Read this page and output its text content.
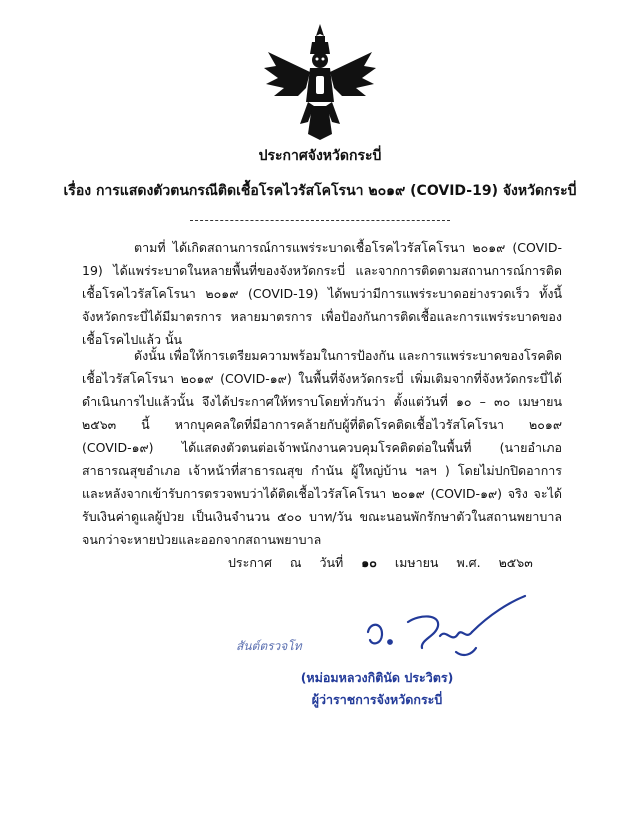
ประกาศจังหวัดกระบี่
เรื่อง การแสดงตัวตนกรณีติดเชื้อโรคไวรัสโคโรนา ๒๐๑๙ (COVID-19) จังหวัดกระบี่

ตามที่ ได้เกิดสถานการณ์การแพร่ระบาดเชื้อโรคไวรัสโคโรนา ๒๐๑๙ (COVID-19) ได้แพร่ระบาดในหลายพื้นที่ของจังหวัดกระบี่ และจากการติดตามสถานการณ์การติดเชื้อโรคไวรัสโคโรนา ๒๐๑๙ (COVID-19) ได้พบว่ามีการแพร่ระบาดอย่างรวดเร็ว ทั้งนี้จังหวัดกระบี่ได้มีมาตรการ หลายมาตรการ เพื่อป้องกันการติดเชื้อและการแพร่ระบาดของเชื้อโรคไปแล้ว นั้น

ดังนั้น เพื่อให้การเตรียมความพร้อมในการป้องกัน และการแพร่ระบาดของโรคติดเชื้อไวรัสโคโรนา ๒๐๑๙ (COVID-๑๙) ในพื้นที่จังหวัดกระบี่ เพิ่มเติมจากที่จังหวัดกระบี่ได้ดำเนินการไปแล้วนั้น จึงได้ประกาศให้ทราบโดยทั่วกันว่า ตั้งแต่วันที่ ๑๐ – ๓๐ เมษายน ๒๕๖๓ นี้ หากบุคคลใดที่มีอาการคล้ายกับผู้ที่ติดโรคติดเชื้อไวรัสโคโรนา ๒๐๑๙ (COVID-๑๙) ได้แสดงตัวตนต่อเจ้าพนักงานควบคุมโรคติดต่อในพื้นที่ (นายอำเภอ สาธารณสุขอำเภอ เจ้าหน้าที่สาธารณสุข กำนัน ผู้ใหญ่บ้าน ฯลฯ ) โดยไม่ปกปิดอาการ และหลังจากเข้ารับการตรวจพบว่าได้ติดเชื้อไวรัสโคโรนา ๒๐๑๙ (COVID-๑๙) จริง จะได้รับเงินค่าดูแลผู้ป่วย เป็นเงินจำนวน ๕๐๐ บาท/วัน ขณะนอนพักรักษาตัวในสถานพยาบาล จนกว่าจะหายป่วยและออกจากสถานพยาบาล

ประกาศ ณ วันที่ ๑๐ เมษายน พ.ศ. ๒๕๖๓
สันต์ตรวจโท
(หม่อมหลวงกิตินัด ประวิตร)
ผู้ว่าราชการจังหวัดกระบี่
